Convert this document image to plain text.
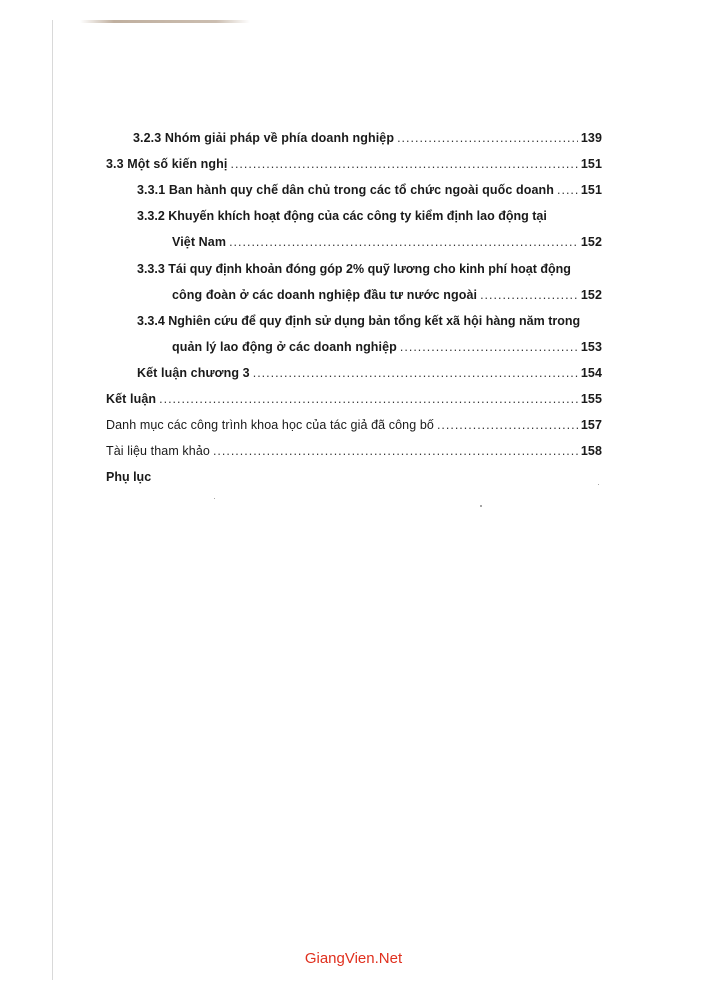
3.2.3 Nhóm giải pháp về phía doanh nghiệp .....	139
3.3 Một số kiến nghị .....	151
3.3.1 Ban hành quy chế dân chủ trong các tổ chức ngoài quốc doanh ..... 151
3.3.2 Khuyến khích hoạt động của các công ty kiểm định lao động tại
Việt Nam .....	152
3.3.3 Tái quy định khoản đóng góp 2% quỹ lương cho kinh phí hoạt động
công đoàn ở các doanh nghiệp đầu tư nước ngoài .....	152
3.3.4 Nghiên cứu để quy định sử dụng bản tổng kết xã hội hàng năm trong
quản lý lao động ở các doanh nghiệp .....	153
Kết luận chương 3 .....	154
Kết luận .....	155
Danh mục các công trình khoa học của tác giả đã công bố .....	157
Tài liệu tham khảo .....	158
Phụ lục
GiangVien.Net
